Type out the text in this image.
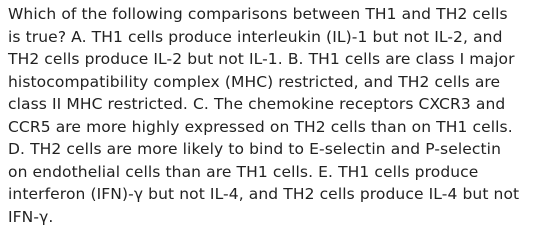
Which of the following comparisons between TH1 and TH2 cells
is true? A. TH1 cells produce interleukin (IL)-1 but not IL-2, and
TH2 cells produce IL-2 but not IL-1. B. TH1 cells are class I major
histocompatibility complex (MHC) restricted, and TH2 cells are
class II MHC restricted. C. The chemokine receptors CXCR3 and
CCR5 are more highly expressed on TH2 cells than on TH1 cells.
D. TH2 cells are more likely to bind to E-selectin and P-selectin
on endothelial cells than are TH1 cells. E. TH1 cells produce
interferon (IFN)-γ but not IL-4, and TH2 cells produce IL-4 but not
IFN-γ.
